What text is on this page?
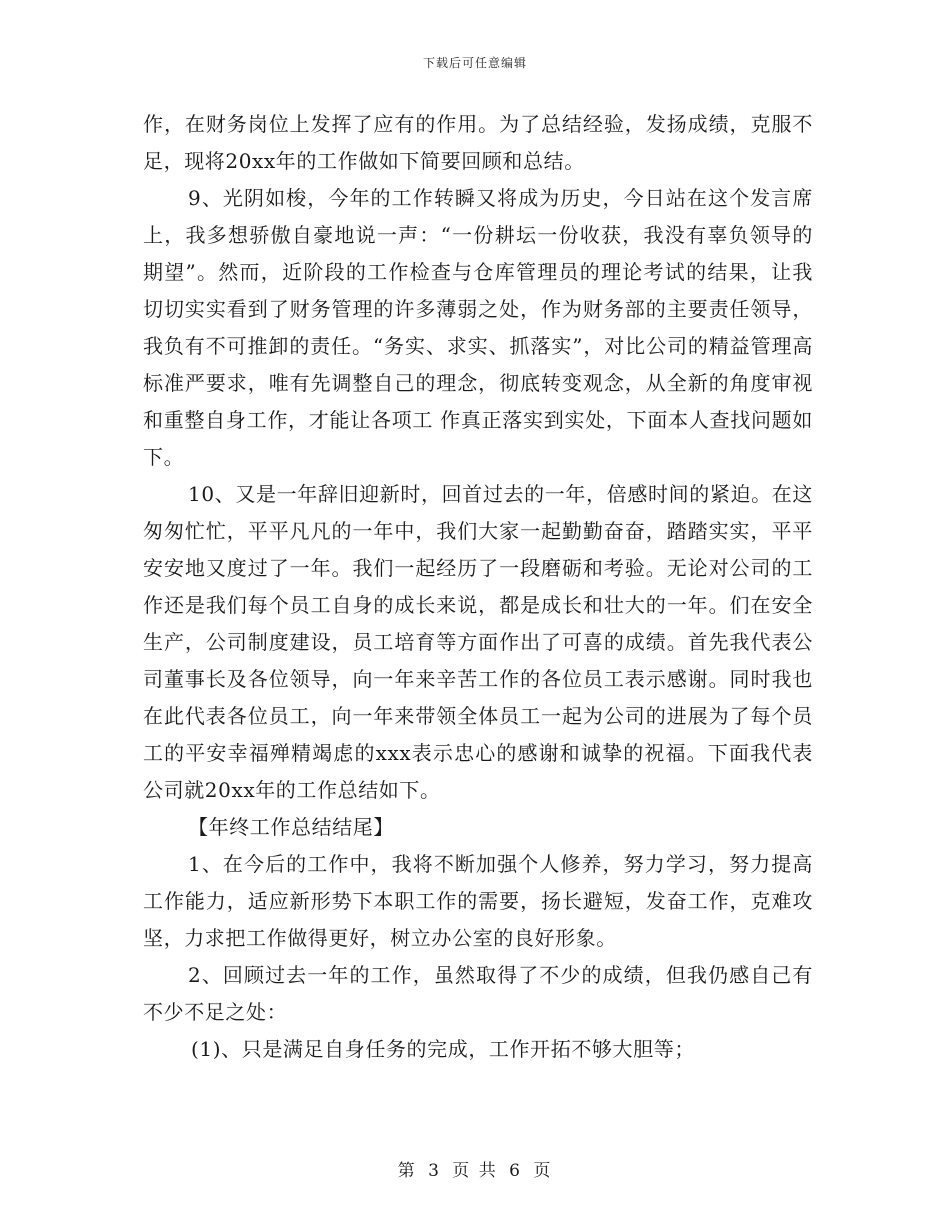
下载后可任意编辑

作，在财务岗位上发挥了应有的作用。为了总结经验，发扬成绩，克服不足，现将20xx年的工作做如下简要回顾和总结。

9、光阴如梭，今年的工作转瞬又将成为历史，今日站在这个发言席上，我多想骄傲自豪地说一声：“一份耕坛一份收获，我没有辜负领导的期望”。然而，近阶段的工作检查与仓库管理员的理论考试的结果，让我切切实实看到了财务管理的许多薄弱之处，作为财务部的主要责任领导，我负有不可推卸的责任。“务实、求实、抓落实”，对比公司的精益管理高标准严要求，唯有先调整自己的理念，彻底转变观念，从全新的角度审视和重整自身工作，才能让各项工 作真正落实到实处，下面本人查找问题如下。

10、又是一年辞旧迎新时，回首过去的一年，倍感时间的紧迫。在这匆匆忙忙，平平凡凡的一年中，我们大家一起勤勤奋奋，踏踏实实，平平安安地又度过了一年。我们一起经历了一段磨砺和考验。无论对公司的工作还是我们每个员工自身的成长来说，都是成长和壮大的一年。们在安全生产，公司制度建设，员工培育等方面作出了可喜的成绩。首先我代表公司董事长及各位领导，向一年来辛苦工作的各位员工表示感谢。同时我也在此代表各位员工，向一年来带领全体员工一起为公司的进展为了每个员工的平安幸福殚精竭虑的xxx表示忠心的感谢和诚挚的祝福。下面我代表公司就20xx年的工作总结如下。

【年终工作总结结尾】

1、在今后的工作中，我将不断加强个人修养，努力学习，努力提高工作能力，适应新形势下本职工作的需要，扬长避短，发奋工作，克难攻坚，力求把工作做得更好，树立办公室的良好形象。

2、回顾过去一年的工作，虽然取得了不少的成绩，但我仍感自己有不少不足之处：

(1)、只是满足自身任务的完成，工作开拓不够大胆等；

第 3 页 共 6 页
